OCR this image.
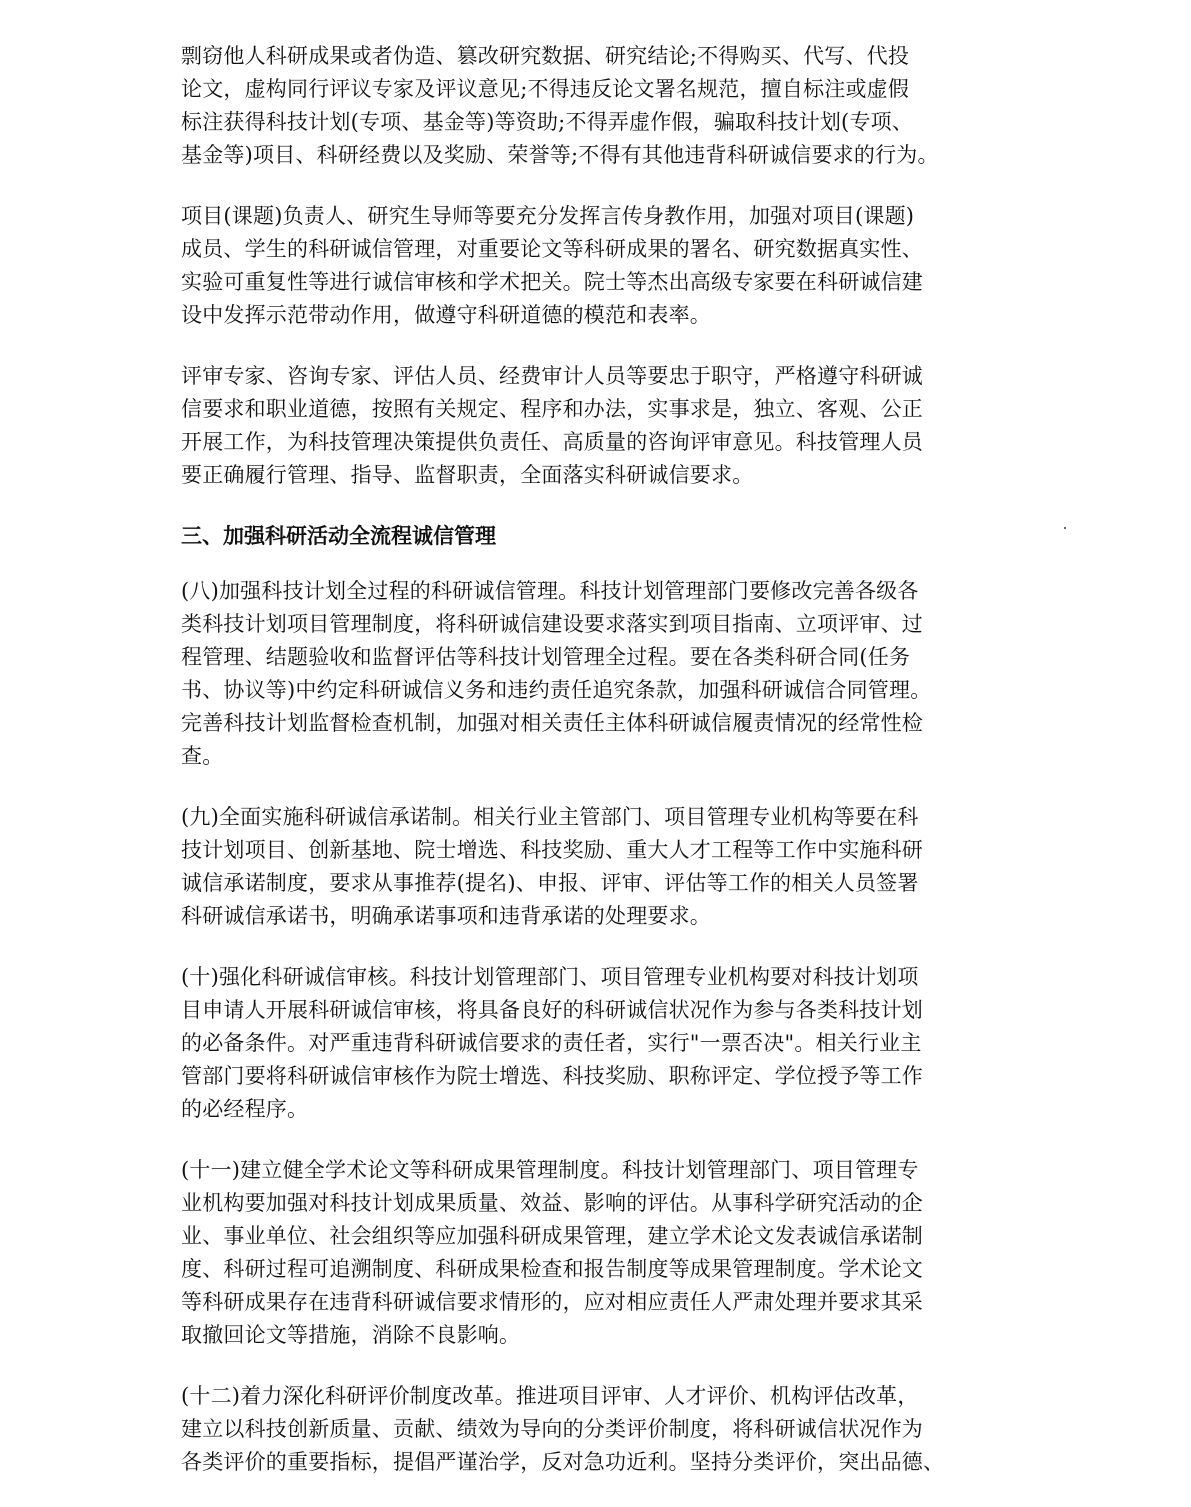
剽窃他人科研成果或者伪造、篡改研究数据、研究结论;不得购买、代写、代投
论文，虚构同行评议专家及评议意见;不得违反论文署名规范，擅自标注或虚假
标注获得科技计划(专项、基金等)等资助;不得弄虚作假，骗取科技计划(专项、
基金等)项目、科研经费以及奖励、荣誉等;不得有其他违背科研诚信要求的行为。
项目(课题)负责人、研究生导师等要充分发挥言传身教作用，加强对项目(课题)
成员、学生的科研诚信管理，对重要论文等科研成果的署名、研究数据真实性、
实验可重复性等进行诚信审核和学术把关。院士等杰出高级专家要在科研诚信建
设中发挥示范带动作用，做遵守科研道德的模范和表率。
评审专家、咨询专家、评估人员、经费审计人员等要忠于职守，严格遵守科研诚
信要求和职业道德，按照有关规定、程序和办法，实事求是，独立、客观、公正
开展工作，为科技管理决策提供负责任、高质量的咨询评审意见。科技管理人员
要正确履行管理、指导、监督职责，全面落实科研诚信要求。
三、加强科研活动全流程诚信管理
(八)加强科技计划全过程的科研诚信管理。科技计划管理部门要修改完善各级各
类科技计划项目管理制度，将科研诚信建设要求落实到项目指南、立项评审、过
程管理、结题验收和监督评估等科技计划管理全过程。要在各类科研合同(任务
书、协议等)中约定科研诚信义务和违约责任追究条款，加强科研诚信合同管理。
完善科技计划监督检查机制，加强对相关责任主体科研诚信履责情况的经常性检
查。
(九)全面实施科研诚信承诺制。相关行业主管部门、项目管理专业机构等要在科
技计划项目、创新基地、院士增选、科技奖励、重大人才工程等工作中实施科研
诚信承诺制度，要求从事推荐(提名)、申报、评审、评估等工作的相关人员签署
科研诚信承诺书，明确承诺事项和违背承诺的处理要求。
(十)强化科研诚信审核。科技计划管理部门、项目管理专业机构要对科技计划项
目申请人开展科研诚信审核，将具备良好的科研诚信状况作为参与各类科技计划
的必备条件。对严重违背科研诚信要求的责任者，实行"一票否决"。相关行业主
管部门要将科研诚信审核作为院士增选、科技奖励、职称评定、学位授予等工作
的必经程序。
(十一)建立健全学术论文等科研成果管理制度。科技计划管理部门、项目管理专
业机构要加强对科技计划成果质量、效益、影响的评估。从事科学研究活动的企
业、事业单位、社会组织等应加强科研成果管理，建立学术论文发表诚信承诺制
度、科研过程可追溯制度、科研成果检查和报告制度等成果管理制度。学术论文
等科研成果存在违背科研诚信要求情形的，应对相应责任人严肃处理并要求其采
取撤回论文等措施，消除不良影响。
(十二)着力深化科研评价制度改革。推进项目评审、人才评价、机构评估改革，
建立以科技创新质量、贡献、绩效为导向的分类评价制度，将科研诚信状况作为
各类评价的重要指标，提倡严谨治学，反对急功近利。坚持分类评价，突出品德、
